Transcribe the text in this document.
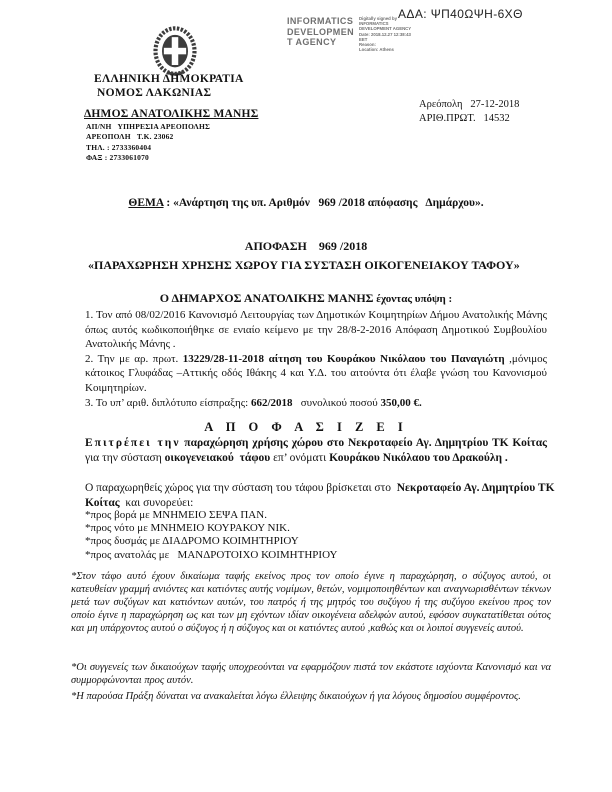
ΑΔΑ: ΨΠ40ΩΨΗ-6ΧΘ
INFORMATICS
DEVELOPMEN
T AGENCY
Digitally signed by
INFORMATICS
DEVELOPMENT AGENCY
Date: 2018.12.27 12:38:43
EET
Reason:
Location: Athens
ΕΛΛΗΝΙΚΗ ΔΗΜΟΚΡΑΤΙΑ
ΝΟΜΟΣ ΛΑΚΩΝΙΑΣ
Αρεόπολη   27-12-2018
ΔΗΜΟΣ ΑΝΑΤΟΛΙΚΗΣ ΜΑΝΗΣ	ΑΡΙΘ.ΠΡΩΤ.   14532
ΑΠ/ΝΗ   ΥΠΗΡΕΣΙΑ ΑΡΕΟΠΟΛΗΣ
ΑΡΕΟΠΟΛΗ   Τ.Κ. 23062
ΤΗΛ. : 2733360404
ΦΑΞ : 2733061070
ΘΕΜΑ : «Ανάρτηση της υπ. Αριθμόν   969 /2018 απόφασης   Δημάρχου».
ΑΠΟΦΑΣΗ    969 /2018
«ΠΑΡΑΧΩΡΗΣΗ ΧΡΗΣΗΣ ΧΩΡΟΥ ΓΙΑ ΣΥΣΤΑΣΗ ΟΙΚΟΓΕΝΕΙΑΚΟΥ ΤΑΦΟΥ»
Ο ΔΗΜΑΡΧΟΣ ΑΝΑΤΟΛΙΚΗΣ ΜΑΝΗΣ έχοντας υπόψη :

1. Τον από 08/02/2016 Κανονισμό Λειτουργίας των Δημοτικών Κοιμητηρίων Δήμου Ανατολικής Μάνης όπως αυτός κωδικοποιήθηκε σε ενιαίο κείμενο με την 28/8-2-2016 Απόφαση Δημοτικού Συμβουλίου Ανατολικής Μάνης .

2. Την με αρ. πρωτ. 13229/28-11-2018 αίτηση του Κουράκου Νικόλαου του Παναγιώτη ,μόνιμος κάτοικος Γλυφάδας –Αττικής οδός Ιθάκης 4 και Υ.Δ. του αιτούντα ότι έλαβε γνώση του Κανονισμού Κοιμητηρίων.

3. Το υπ’ αριθ. διπλότυπο είσπραξης: 662/2018   συνολικού ποσού 350,00 €.

Α Π Ο Φ Α Σ Ι Ζ Ε Ι
Επιτρέπει την παραχώρηση χρήσης χώρου στο Νεκροταφείο Αγ. Δημητρίου ΤΚ Κοίτας για την σύσταση οικογενειακού  τάφου επ’ ονόματι Κουράκου Νικόλαου του Δρακούλη .
Ο παραχωρηθείς χώρος για την σύσταση του τάφου βρίσκεται στο  Νεκροταφείο Αγ. Δημητρίου ΤΚ  Κοίτας  και συνορεύει:
*προς βορά με ΜΝΗΜΕΙΟ ΣΕΨΑ ΠΑΝ.
*προς νότο με ΜΝΗΜΕΙΟ ΚΟΥΡΑΚΟΥ ΝΙΚ.
*προς δυσμάς με ΔΙΑΔΡΟΜΟ ΚΟΙΜΗΤΗΡΙΟΥ
*προς ανατολάς με   ΜΑΝΔΡΟΤΟΙΧΟ ΚΟΙΜΗΤΗΡΙΟΥ
*Στον τάφο αυτό έχουν δικαίωμα ταφής εκείνος προς τον οποίο έγινε η παραχώρηση, ο σύζυγος αυτού, οι κατευθείαν γραμμή ανιόντες και κατιόντες αυτής νομίμων, θετών, νομιμοποιηθέντων και αναγνωρισθέντων τέκνων μετά των συζύγων και κατιόντων αυτών, του πατρός ή της μητρός του συζύγου ή της συζύγου εκείνου προς τον οποίο έγινε η παραχώρηση ως και των μη εχόντων ιδίαν οικογένεια αδελφών αυτού, εφόσον συγκατατίθεται ούτος και μη υπάρχοντος αυτού ο σύζυγος ή η σύζυγος και οι κατιόντες αυτού ,καθώς και οι λοιποί συγγενείς αυτού.
*Οι συγγενείς των δικαιούχων ταφής υποχρεούνται να εφαρμόζουν πιστά τον εκάστοτε ισχύοντα Κανονισμό και να συμμορφώνονται προς αυτόν.
*Η παρούσα Πράξη δύναται να ανακαλείται λόγω έλλειψης δικαιούχων ή για λόγους δημοσίου συμφέροντος.
